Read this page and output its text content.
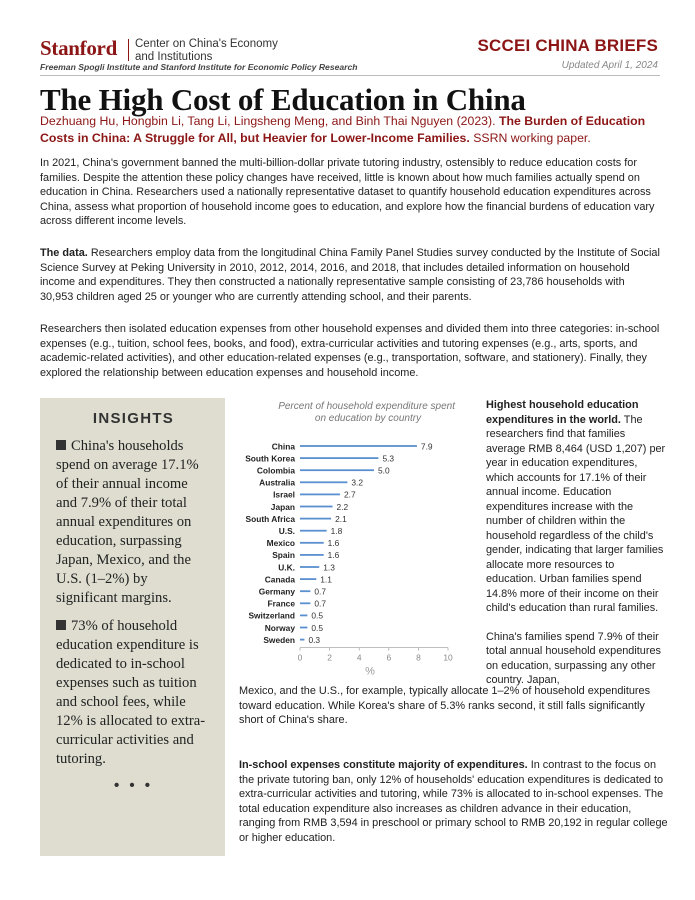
Stanford Center on China's Economy
and Institutions
Freeman Spogli Institute and Stanford Institute for Economic Policy Research
SCCEI CHINA BRIEFS
Updated April 1, 2024
The High Cost of Education in China
Dezhuang Hu, Hongbin Li, Tang Li, Lingsheng Meng, and Binh Thai Nguyen (2023). The Burden of Education Costs in China: A Struggle for All, but Heavier for Lower-Income Families. SSRN working paper.

In 2021, China's government banned the multi-billion-dollar private tutoring industry, ostensibly to reduce education costs for families. Despite the attention these policy changes have received, little is known about how much families actually spend on education in China. Researchers used a nationally representative dataset to quantify household education expenditures across China, assess what proportion of household income goes to education, and explore how the financial burdens of education vary across different income levels.

The data. Researchers employ data from the longitudinal China Family Panel Studies survey conducted by the Institute of Social Science Survey at Peking University in 2010, 2012, 2014, 2016, and 2018, that includes detailed information on household income and expenditures. They then constructed a nationally representative sample consisting of 23,786 households with 30,953 children aged 25 or younger who are currently attending school, and their parents.

Researchers then isolated education expenses from other household expenses and divided them into three categories: in-school expenses (e.g., tuition, school fees, books, and food), extra-curricular activities and tutoring expenses (e.g., arts, sports, and academic-related activities), and other education-related expenses (e.g., transportation, software, and stationery). Finally, they explored the relationship between education expenses and household income.

INSIGHTS
China's households spend on average 17.1% of their annual income and 7.9% of their total annual expenditures on education, surpassing Japan, Mexico, and the U.S. (1–2%) by significant margins.
73% of household education expenditure is dedicated to in-school expenses such as tuition and school fees, while 12% is allocated to extra-curricular activities and tutoring.
• • •
Percent of household expenditure spent on education by country
China	7.9
South Korea	5.3
Colombia	5.0
Australia	3.2
Israel	2.7
Japan	2.2
South Africa	2.1
U.S.	1.8
Mexico	1.6
Spain	1.6
U.K.	1.3
Canada	1.1
Germany 0.7
France 0.7
Switzerland 0.5
Norway 0.5
Sweden 0.3
0	2	4	6	8	10
%

Highest household education expenditures in the world. The researchers find that families average RMB 8,464 (USD 1,207) per year in education expenditures, which accounts for 17.1% of their annual income. Education expenditures increase with the number of children within the household regardless of the child's gender, indicating that larger families allocate more resources to education. Urban families spend 14.8% more of their income on their child's education than rural families.

China's families spend 7.9% of their total annual household expenditures on education, surpassing any other country. Japan,

Mexico, and the U.S., for example, typically allocate 1–2% of household expenditures toward education. While Korea's share of 5.3% ranks second, it still falls significantly short of China's share.

In-school expenses constitute majority of expenditures. In contrast to the focus on the private tutoring ban, only 12% of households' education expenditures is dedicated to extra-curricular activities and tutoring, while 73% is allocated to in-school expenses. The total education expenditure also increases as children advance in their education, ranging from RMB 3,594 in preschool or primary school to RMB 20,192 in regular college or higher education.
